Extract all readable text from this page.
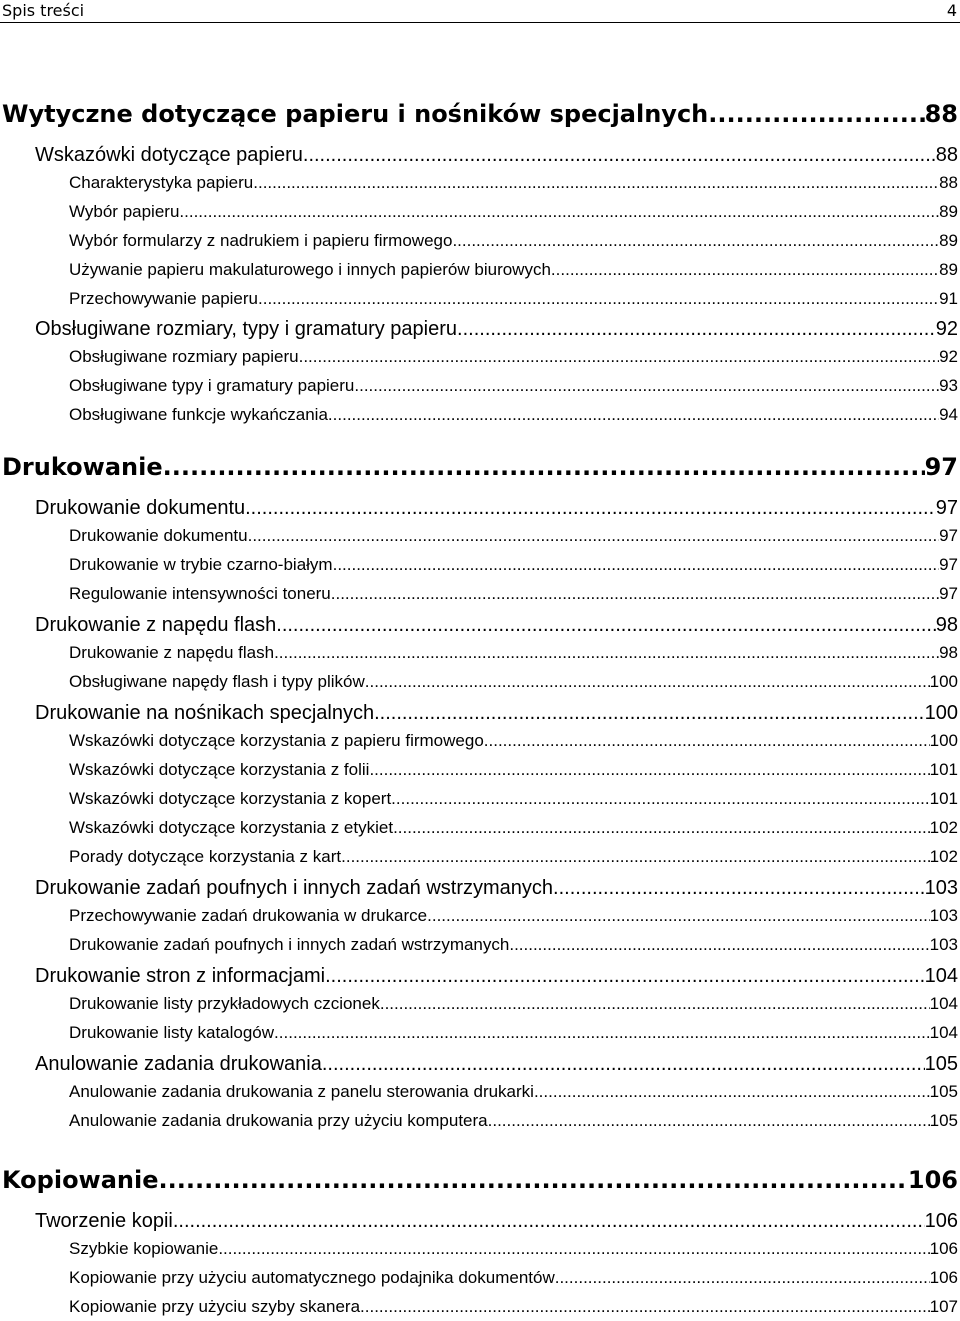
Spis treści	4
Wytyczne dotyczące papieru i nośników specjalnych .....	88
Wskazówki dotyczące papieru .....	88
Charakterystyka papieru .....	88
Wybór papieru .....	89
Wybór formularzy z nadrukiem i papieru firmowego .....	89
Używanie papieru makulaturowego i innych papierów biurowych .....	89
Przechowywanie papieru .....	91
Obsługiwane rozmiary, typy i gramatury papieru .....	92
Obsługiwane rozmiary papieru .....	92
Obsługiwane typy i gramatury papieru .....	93
Obsługiwane funkcje wykańczania .....	94
Drukowanie .....	97
Drukowanie dokumentu .....	97
Drukowanie dokumentu .....	97
Drukowanie w trybie czarno-białym .....	97
Regulowanie intensywności toneru .....	97
Drukowanie z napędu flash .....	98
Drukowanie z napędu flash .....	98
Obsługiwane napędy flash i typy plików .....	100
Drukowanie na nośnikach specjalnych .....	100
Wskazówki dotyczące korzystania z papieru firmowego .....	100
Wskazówki dotyczące korzystania z folii .....	101
Wskazówki dotyczące korzystania z kopert .....	101
Wskazówki dotyczące korzystania z etykiet .....	102
Porady dotyczące korzystania z kart .....	102
Drukowanie zadań poufnych i innych zadań wstrzymanych .....	103
Przechowywanie zadań drukowania w drukarce .....	103
Drukowanie zadań poufnych i innych zadań wstrzymanych .....	103
Drukowanie stron z informacjami .....	104
Drukowanie listy przykładowych czcionek .....	104
Drukowanie listy katalogów .....	104
Anulowanie zadania drukowania .....	105
Anulowanie zadania drukowania z panelu sterowania drukarki .....	105
Anulowanie zadania drukowania przy użyciu komputera .....	105
Kopiowanie .....	106
Tworzenie kopii .....	106
Szybkie kopiowanie .....	106
Kopiowanie przy użyciu automatycznego podajnika dokumentów .....	106
Kopiowanie przy użyciu szyby skanera .....	107
